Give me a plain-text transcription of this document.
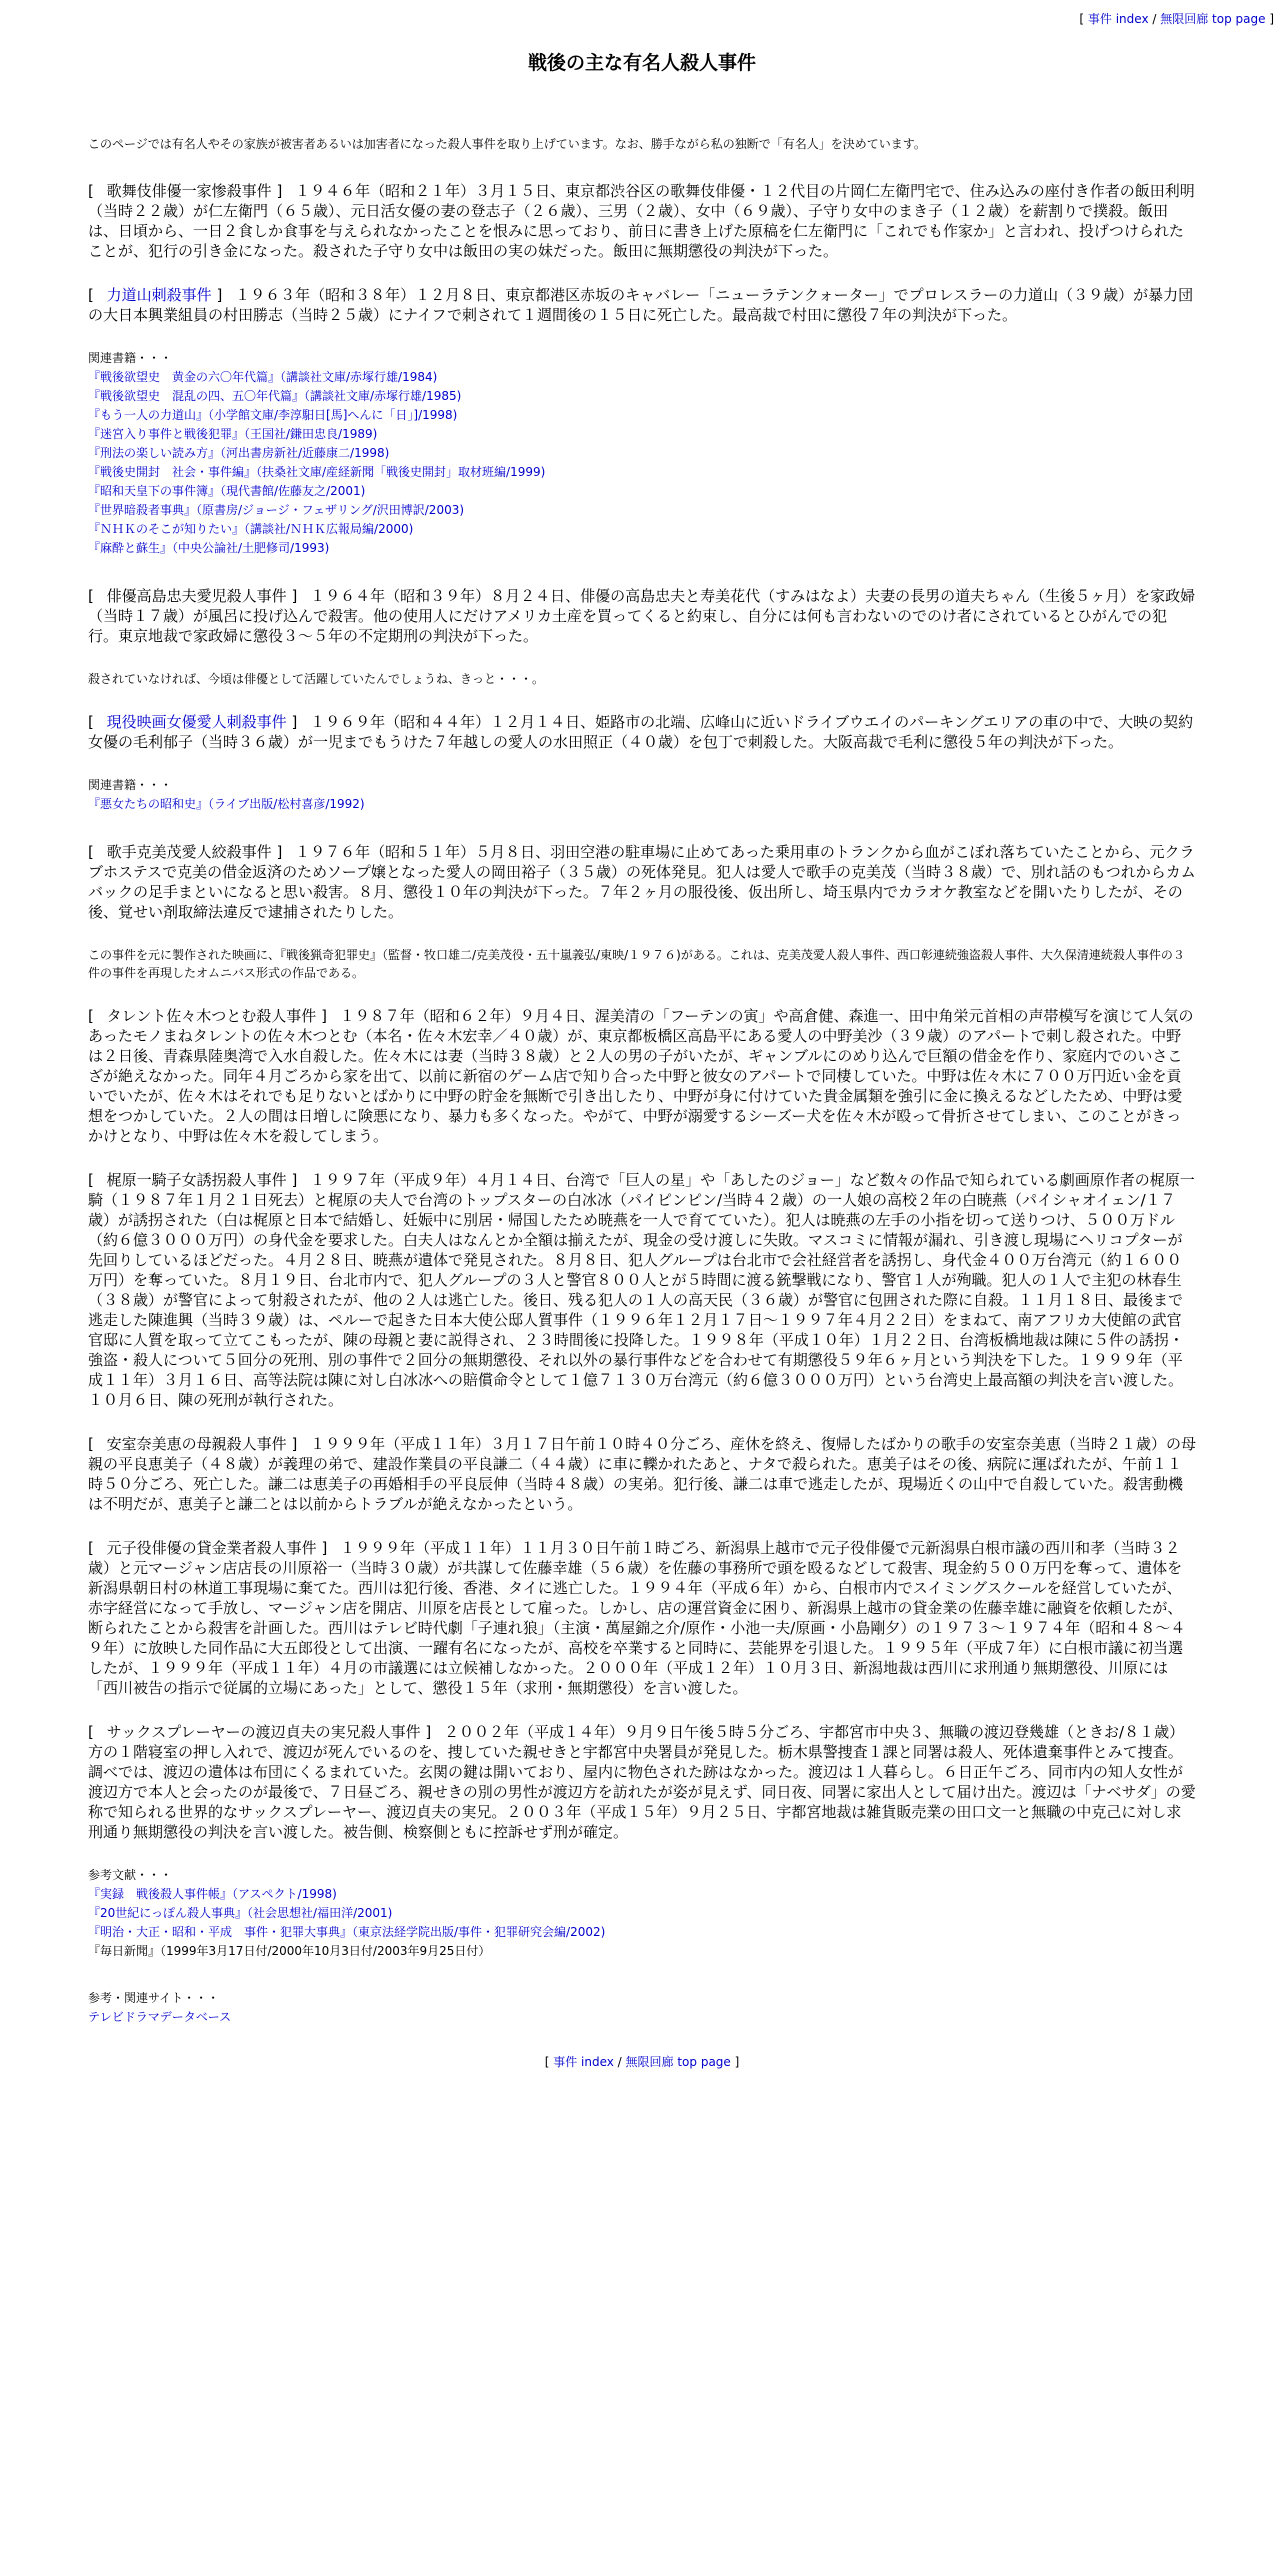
[ 事件 index / 無限回廊 top page ]
戦後の主な有名人殺人事件

このページでは有名人やその家族が被害者あるいは加害者になった殺人事件を取り上げています。なお、勝手ながら私の独断で「有名人」を決めています。

[ 歌舞伎俳優一家惨殺事件 ] １９４６年（昭和２１年）３月１５日、東京都渋谷区の歌舞伎俳優・１２代目の片岡仁左衛門宅で、住み込みの座付き作者の飯田利明（当時２２歳）が仁左衛門（６５歳）、元日活女優の妻の登志子（２６歳）、三男（２歳）、女中（６９歳）、子守り女中のまき子（１２歳）を薪割りで撲殺。飯田は、日頃から、一日２食しか食事を与えられなかったことを恨みに思っており、前日に書き上げた原稿を仁左衛門に「これでも作家か」と言われ、投げつけられたことが、犯行の引き金になった。殺された子守り女中は飯田の実の妹だった。飯田に無期懲役の判決が下った。

[ 力道山刺殺事件 ] １９６３年（昭和３８年）１２月８日、東京都港区赤坂のキャバレー「ニューラテンクォーター」でプロレスラーの力道山（３９歳）が暴力団の大日本興業組員の村田勝志（当時２５歳）にナイフで刺されて１週間後の１５日に死亡した。最高裁で村田に懲役７年の判決が下った。

関連書籍・・・
『戦後欲望史　黄金の六〇年代篇』（講談社文庫/赤塚行雄/1984)
『戦後欲望史　混乱の四、五〇年代篇』（講談社文庫/赤塚行雄/1985)
『もう一人の力道山』（小学館文庫/李淳馹日[馬]へんに「日」]/1998)
『迷宮入り事件と戦後犯罪』（王国社/鎌田忠良/1989)
『刑法の楽しい読み方』（河出書房新社/近藤康二/1998)
『戦後史開封　社会・事件編』（扶桑社文庫/産経新聞「戦後史開封」取材班編/1999)
『昭和天皇下の事件簿』（現代書館/佐藤友之/2001)
『世界暗殺者事典』（原書房/ジョージ・フェザリング/沢田博訳/2003)
『ＮＨＫのそこが知りたい』（講談社/ＮＨＫ広報局編/2000)
『麻酔と蘇生』（中央公論社/土肥修司/1993)

[ 俳優高島忠夫愛児殺人事件 ] １９６４年（昭和３９年）８月２４日、俳優の高島忠夫と寿美花代（すみはなよ）夫妻の長男の道夫ちゃん（生後５ヶ月）を家政婦（当時１７歳）が風呂に投げ込んで殺害。他の使用人にだけアメリカ土産を買ってくると約束し、自分には何も言わないのでのけ者にされているとひがんでの犯行。東京地裁で家政婦に懲役３～５年の不定期刑の判決が下った。

殺されていなければ、今頃は俳優として活躍していたんでしょうね、きっと・・・。

[ 現役映画女優愛人刺殺事件 ] １９６９年（昭和４４年）１２月１４日、姫路市の北端、広峰山に近いドライブウエイのパーキングエリアの車の中で、大映の契約女優の毛利郁子（当時３６歳）が一児までもうけた７年越しの愛人の水田照正（４０歳）を包丁で刺殺した。大阪高裁で毛利に懲役５年の判決が下った。

関連書籍・・・
『悪女たちの昭和史』（ライブ出版/松村喜彦/1992)

[ 歌手克美茂愛人絞殺事件 ] １９７６年（昭和５１年）５月８日、羽田空港の駐車場に止めてあった乗用車のトランクから血がこぼれ落ちていたことから、元クラブホステスで克美の借金返済のためソープ嬢となった愛人の岡田裕子（３５歳）の死体発見。犯人は愛人で歌手の克美茂（当時３８歳）で、別れ話のもつれからカムバックの足手まといになると思い殺害。８月、懲役１０年の判決が下った。７年２ヶ月の服役後、仮出所し、埼玉県内でカラオケ教室などを開いたりしたが、その後、覚せい剤取締法違反で逮捕されたりした。

この事件を元に製作された映画に、『戦後猟奇犯罪史』（監督・牧口雄二/克美茂役・五十嵐義弘/東映/１９７６)がある。これは、克美茂愛人殺人事件、西口彰連続強盗殺人事件、大久保清連続殺人事件の３件の事件を再現したオムニバス形式の作品である。

[ タレント佐々木つとむ殺人事件 ] １９８７年（昭和６２年）９月４日、渥美清の「フーテンの寅」や高倉健、森進一、田中角栄元首相の声帯模写を演じて人気のあったモノまねタレントの佐々木つとむ（本名・佐々木宏幸／４０歳）が、東京都板橋区高島平にある愛人の中野美沙（３９歳）のアパートで刺し殺された。中野は２日後、青森県陸奥湾で入水自殺した。佐々木には妻（当時３８歳）と２人の男の子がいたが、ギャンブルにのめり込んで巨額の借金を作り、家庭内でのいさこざが絶えなかった。同年４月ごろから家を出て、以前に新宿のゲーム店で知り合った中野と彼女のアパートで同棲していた。中野は佐々木に７００万円近い金を貢いでいたが、佐々木はそれでも足りないとばかりに中野の貯金を無断で引き出したり、中野が身に付けていた貴金属類を強引に金に換えるなどしたため、中野は愛想をつかしていた。２人の間は日増しに険悪になり、暴力も多くなった。やがて、中野が溺愛するシーズー犬を佐々木が殴って骨折させてしまい、このことがきっかけとなり、中野は佐々木を殺してしまう。

[ 梶原一騎子女誘拐殺人事件 ] １９９７年（平成９年）４月１４日、台湾で「巨人の星」や「あしたのジョー」など数々の作品で知られている劇画原作者の梶原一騎（１９８７年１月２１日死去）と梶原の夫人で台湾のトップスターの白冰冰（パイピンピン/当時４２歳）の一人娘の高校２年の白暁燕（パイシャオイェン/１７歳）が誘拐された（白は梶原と日本で結婚し、妊娠中に別居・帰国したため暁燕を一人で育てていた）。犯人は暁燕の左手の小指を切って送りつけ、５００万ドル（約６億３０００万円）の身代金を要求した。白夫人はなんとか全額は揃えたが、現金の受け渡しに失敗。マスコミに情報が漏れ、引き渡し現場にヘリコプターが先回りしているほどだった。４月２８日、暁燕が遺体で発見された。８月８日、犯人グループは台北市で会社経営者を誘拐し、身代金４００万台湾元（約１６００万円）を奪っていた。８月１９日、台北市内で、犯人グループの３人と警官８００人とが５時間に渡る銃撃戦になり、警官１人が殉職。犯人の１人で主犯の林春生（３８歳）が警官によって射殺されたが、他の２人は逃亡した。後日、残る犯人の１人の高天民（３６歳）が警官に包囲された際に自殺。１１月１８日、最後まで逃走した陳進興（当時３９歳）は、ペルーで起きた日本大使公邸人質事件（１９９６年１２月１７日～１９９７年４月２２日）をまねて、南アフリカ大使館の武官官邸に人質を取って立てこもったが、陳の母親と妻に説得され、２３時間後に投降した。１９９８年（平成１０年）１月２２日、台湾板橋地裁は陳に５件の誘拐・強盗・殺人について５回分の死刑、別の事件で２回分の無期懲役、それ以外の暴行事件などを合わせて有期懲役５９年６ヶ月という判決を下した。１９９９年（平成１１年）３月１６日、高等法院は陳に対し白冰冰への賠償命令として１億７１３０万台湾元（約６億３０００万円）という台湾史上最高額の判決を言い渡した。１０月６日、陳の死刑が執行された。

[ 安室奈美恵の母親殺人事件 ] １９９９年（平成１１年）３月１７日午前１０時４０分ごろ、産休を終え、復帰したばかりの歌手の安室奈美恵（当時２１歳）の母親の平良恵美子（４８歳）が義理の弟で、建設作業員の平良謙二（４４歳）に車に轢かれたあと、ナタで殺られた。恵美子はその後、病院に運ばれたが、午前１１時５０分ごろ、死亡した。謙二は恵美子の再婚相手の平良辰伸（当時４８歳）の実弟。犯行後、謙二は車で逃走したが、現場近くの山中で自殺していた。殺害動機は不明だが、恵美子と謙二とは以前からトラブルが絶えなかったという。

[ 元子役俳優の貸金業者殺人事件 ] １９９９年（平成１１年）１１月３０日午前１時ごろ、新潟県上越市で元子役俳優で元新潟県白根市議の西川和孝（当時３２歳）と元マージャン店店長の川原裕一（当時３０歳）が共謀して佐藤幸雄（５６歳）を佐藤の事務所で頭を殴るなどして殺害、現金約５００万円を奪って、遺体を新潟県朝日村の林道工事現場に棄てた。西川は犯行後、香港、タイに逃亡した。１９９４年（平成６年）から、白根市内でスイミングスクールを経営していたが、赤字経営になって手放し、マージャン店を開店、川原を店長として雇った。しかし、店の運営資金に困り、新潟県上越市の貸金業の佐藤幸雄に融資を依頼したが、断られたことから殺害を計画した。西川はテレビ時代劇「子連れ狼」（主演・萬屋錦之介/原作・小池一夫/原画・小島剛夕）の１９７３～１９７４年（昭和４８～４９年）に放映した同作品に大五郎役として出演、一躍有名になったが、高校を卒業すると同時に、芸能界を引退した。１９９５年（平成７年）に白根市議に初当選したが、１９９９年（平成１１年）４月の市議選には立候補しなかった。２０００年（平成１２年）１０月３日、新潟地裁は西川に求刑通り無期懲役、川原には「西川被告の指示で従属的立場にあった」として、懲役１５年（求刑・無期懲役）を言い渡した。

[ サックスプレーヤーの渡辺貞夫の実兄殺人事件 ] ２００２年（平成１４年）９月９日午後５時５分ごろ、宇都宮市中央３、無職の渡辺登幾雄（ときお/８１歳）方の１階寝室の押し入れで、渡辺が死んでいるのを、捜していた親せきと宇都宮中央署員が発見した。栃木県警捜査１課と同署は殺人、死体遺棄事件とみて捜査。調べでは、渡辺の遺体は布団にくるまれていた。玄関の鍵は開いており、屋内に物色された跡はなかった。渡辺は１人暮らし。６日正午ごろ、同市内の知人女性が渡辺方で本人と会ったのが最後で、７日昼ごろ、親せきの別の男性が渡辺方を訪れたが姿が見えず、同日夜、同署に家出人として届け出た。渡辺は「ナベサダ」の愛称で知られる世界的なサックスプレーヤー、渡辺貞夫の実兄。２００３年（平成１５年）９月２５日、宇都宮地裁は雑貨販売業の田口文一と無職の中克己に対し求刑通り無期懲役の判決を言い渡した。被告側、検察側ともに控訴せず刑が確定。

参考文献・・・
『実録　戦後殺人事件帳』（アスペクト/1998)
『20世紀にっぽん殺人事典』（社会思想社/福田洋/2001)
『明治・大正・昭和・平成　事件・犯罪大事典』（東京法経学院出版/事件・犯罪研究会編/2002)
『毎日新聞』（1999年3月17日付/2000年10月3日付/2003年9月25日付）
参考・関連サイト・・・
テレビドラマデータベース
[ 事件 index / 無限回廊 top page ]
